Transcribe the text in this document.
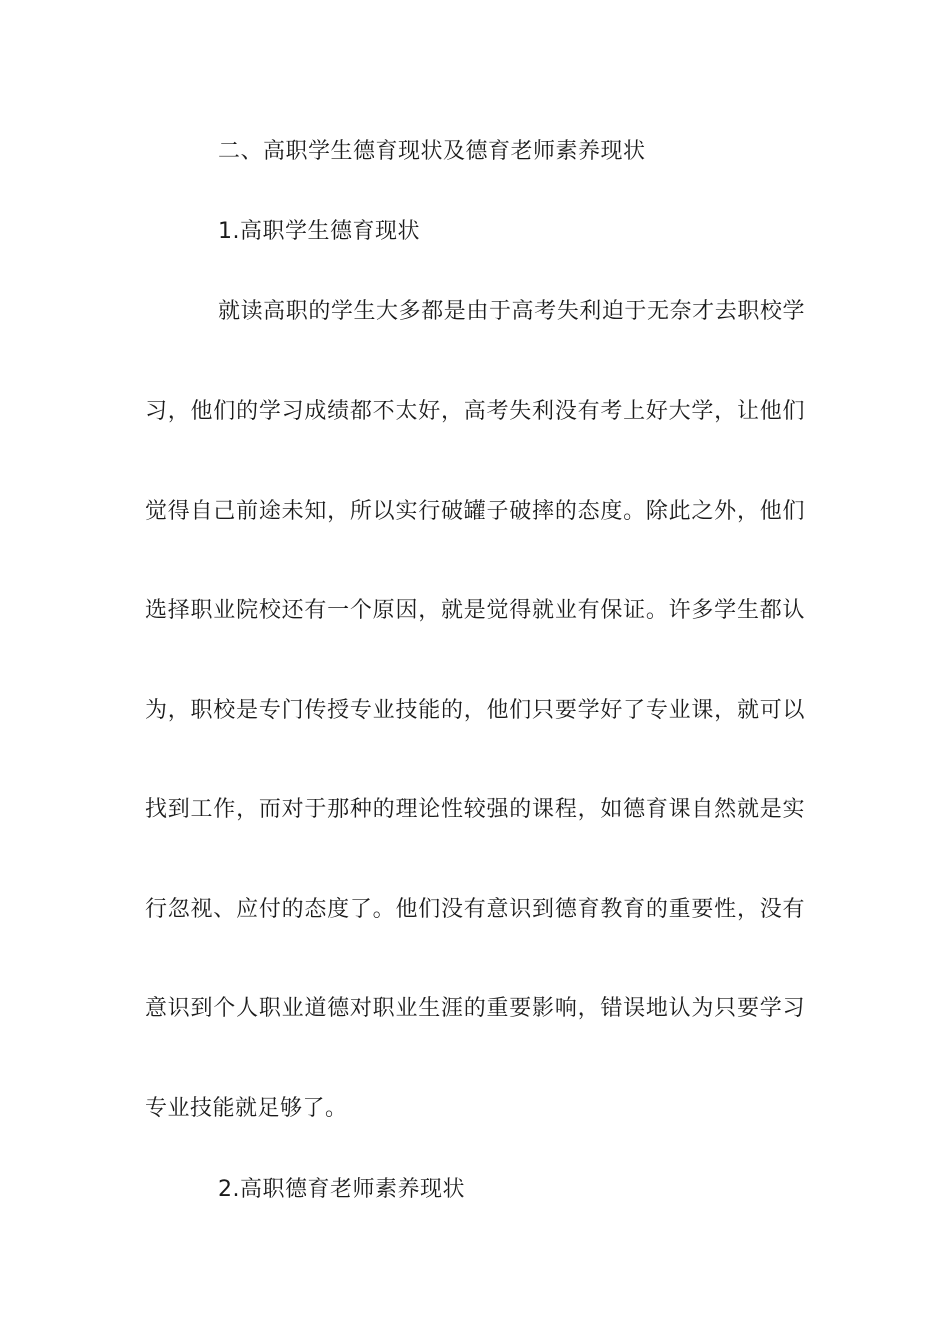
二、高职学生德育现状及德育老师素养现状

1.高职学生德育现状

就读高职的学生大多都是由于高考失利迫于无奈才去职校学

习，他们的学习成绩都不太好，高考失利没有考上好大学，让他们

觉得自己前途未知，所以实行破罐子破摔的态度。除此之外，他们

选择职业院校还有一个原因，就是觉得就业有保证。许多学生都认

为，职校是专门传授专业技能的，他们只要学好了专业课，就可以

找到工作，而对于那种的理论性较强的课程，如德育课自然就是实

行忽视、应付的态度了。他们没有意识到德育教育的重要性，没有

意识到个人职业道德对职业生涯的重要影响，错误地认为只要学习

专业技能就足够了。

2.高职德育老师素养现状
